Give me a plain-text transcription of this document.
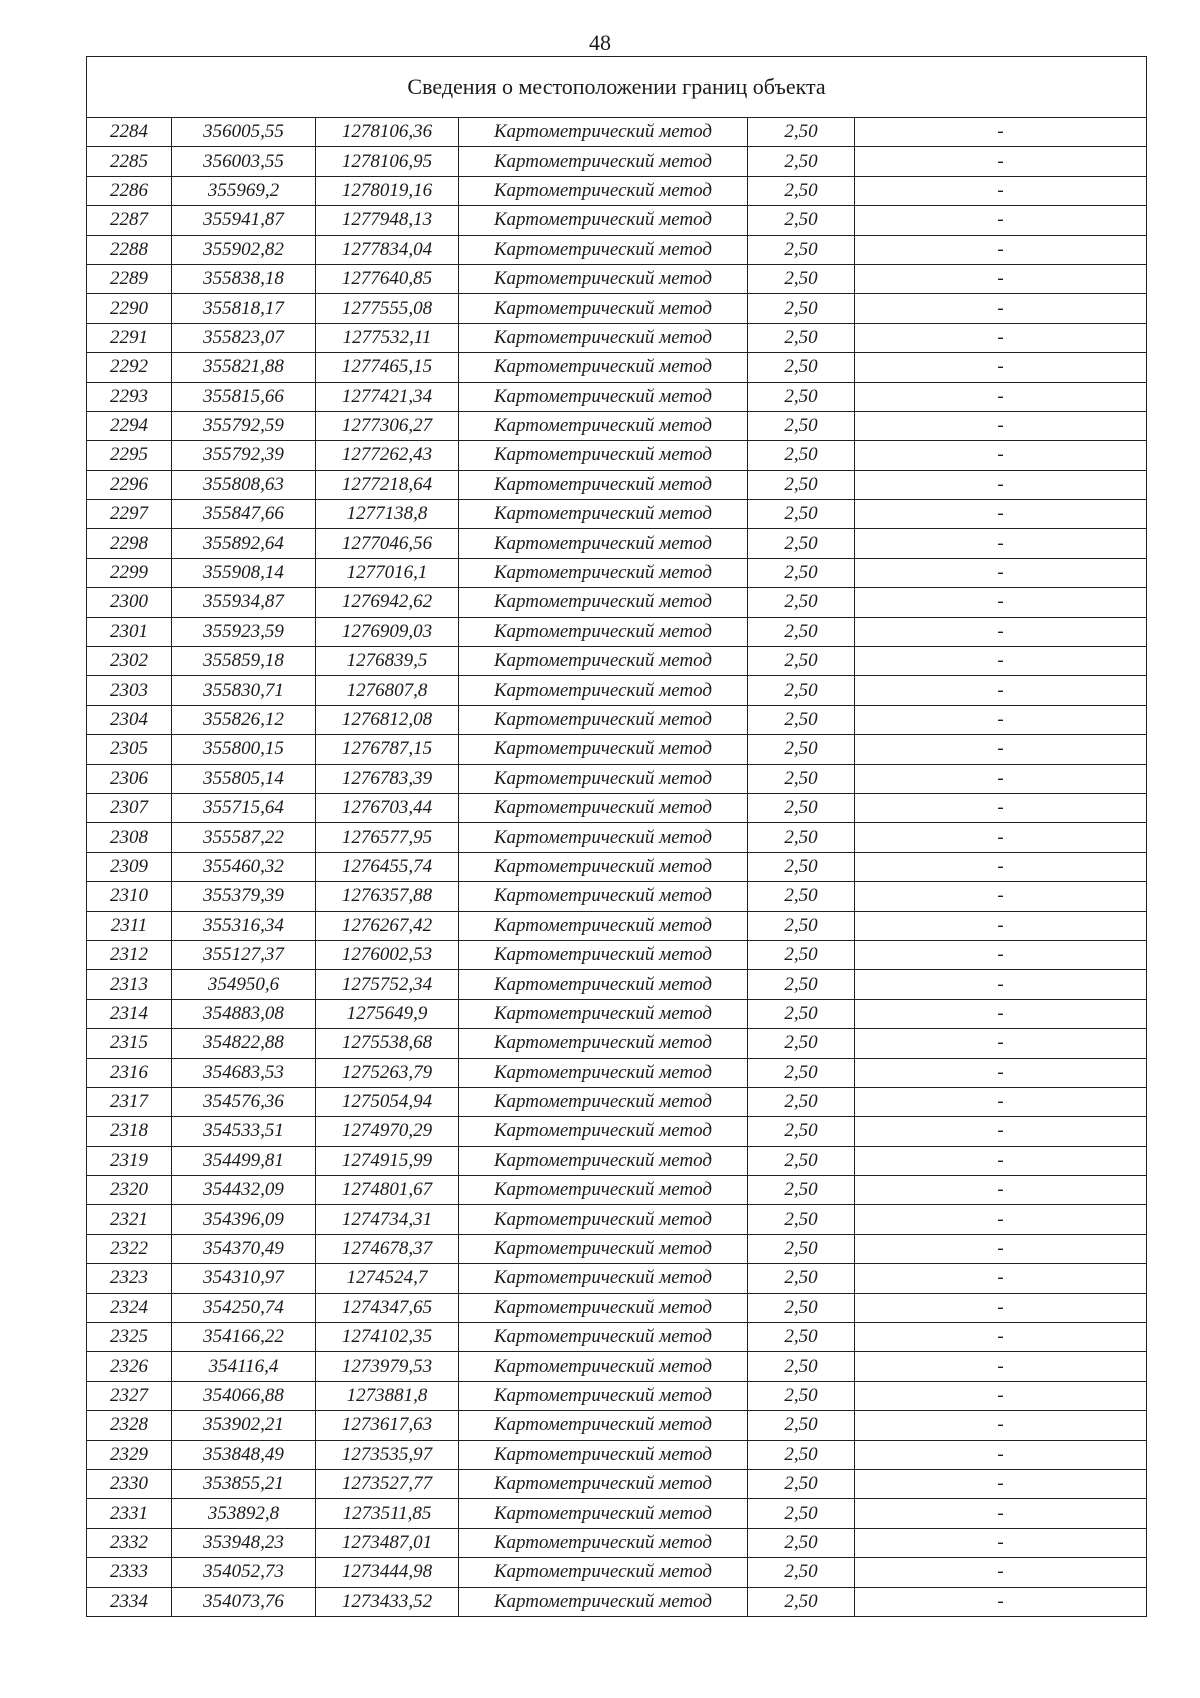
48
Сведения о местоположении границ объекта					
2284	356005,55	1278106,36	Картометрический метод	2,50	-
2285	356003,55	1278106,95	Картометрический метод	2,50	-
2286	355969,2	1278019,16	Картометрический метод	2,50	-
2287	355941,87	1277948,13	Картометрический метод	2,50	-
2288	355902,82	1277834,04	Картометрический метод	2,50	-
2289	355838,18	1277640,85	Картометрический метод	2,50	-
2290	355818,17	1277555,08	Картометрический метод	2,50	-
2291	355823,07	1277532,11	Картометрический метод	2,50	-
2292	355821,88	1277465,15	Картометрический метод	2,50	-
2293	355815,66	1277421,34	Картометрический метод	2,50	-
2294	355792,59	1277306,27	Картометрический метод	2,50	-
2295	355792,39	1277262,43	Картометрический метод	2,50	-
2296	355808,63	1277218,64	Картометрический метод	2,50	-
2297	355847,66	1277138,8	Картометрический метод	2,50	-
2298	355892,64	1277046,56	Картометрический метод	2,50	-
2299	355908,14	1277016,1	Картометрический метод	2,50	-
2300	355934,87	1276942,62	Картометрический метод	2,50	-
2301	355923,59	1276909,03	Картометрический метод	2,50	-
2302	355859,18	1276839,5	Картометрический метод	2,50	-
2303	355830,71	1276807,8	Картометрический метод	2,50	-
2304	355826,12	1276812,08	Картометрический метод	2,50	-
2305	355800,15	1276787,15	Картометрический метод	2,50	-
2306	355805,14	1276783,39	Картометрический метод	2,50	-
2307	355715,64	1276703,44	Картометрический метод	2,50	-
2308	355587,22	1276577,95	Картометрический метод	2,50	-
2309	355460,32	1276455,74	Картометрический метод	2,50	-
2310	355379,39	1276357,88	Картометрический метод	2,50	-
2311	355316,34	1276267,42	Картометрический метод	2,50	-
2312	355127,37	1276002,53	Картометрический метод	2,50	-
2313	354950,6	1275752,34	Картометрический метод	2,50	-
2314	354883,08	1275649,9	Картометрический метод	2,50	-
2315	354822,88	1275538,68	Картометрический метод	2,50	-
2316	354683,53	1275263,79	Картометрический метод	2,50	-
2317	354576,36	1275054,94	Картометрический метод	2,50	-
2318	354533,51	1274970,29	Картометрический метод	2,50	-
2319	354499,81	1274915,99	Картометрический метод	2,50	-
2320	354432,09	1274801,67	Картометрический метод	2,50	-
2321	354396,09	1274734,31	Картометрический метод	2,50	-
2322	354370,49	1274678,37	Картометрический метод	2,50	-
2323	354310,97	1274524,7	Картометрический метод	2,50	-
2324	354250,74	1274347,65	Картометрический метод	2,50	-
2325	354166,22	1274102,35	Картометрический метод	2,50	-
2326	354116,4	1273979,53	Картометрический метод	2,50	-
2327	354066,88	1273881,8	Картометрический метод	2,50	-
2328	353902,21	1273617,63	Картометрический метод	2,50	-
2329	353848,49	1273535,97	Картометрический метод	2,50	-
2330	353855,21	1273527,77	Картометрический метод	2,50	-
2331	353892,8	1273511,85	Картометрический метод	2,50	-
2332	353948,23	1273487,01	Картометрический метод	2,50	-
2333	354052,73	1273444,98	Картометрический метод	2,50	-
2334	354073,76	1273433,52	Картометрический метод	2,50	-
